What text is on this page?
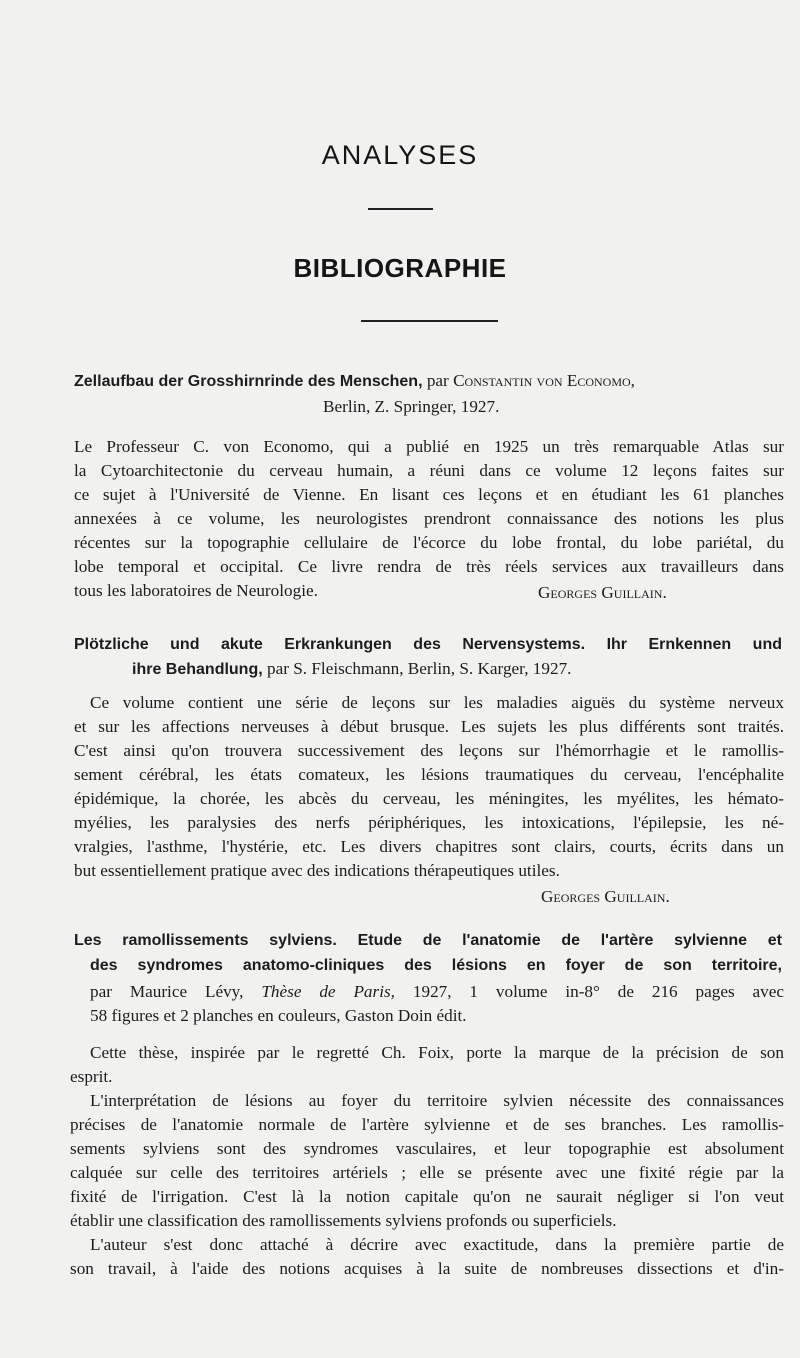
ANALYSES
BIBLIOGRAPHIE
Zellaufbau der Grosshirnrinde des Menschen, par Constantin von Economo,
Berlin, Z. Springer, 1927.
Le Professeur C. von Economo, qui a publié en 1925 un très remarquable Atlas sur
la Cytoarchitectonie du cerveau humain, a réuni dans ce volume 12 leçons faites sur
ce sujet à l'Université de Vienne. En lisant ces leçons et en étudiant les 61 planches
annexées à ce volume, les neurologistes prendront connaissance des notions les plus
récentes sur la topographie cellulaire de l'écorce du lobe frontal, du lobe pariétal, du
lobe temporal et occipital. Ce livre rendra de très réels services aux travailleurs dans
tous les laboratoires de Neurologie.	Georges Guillain.
Plötzliche und akute Erkrankungen des Nervensystems. Ihr Ernkennen und
ihre Behandlung, par S. Fleischmann, Berlin, S. Karger, 1927.
Ce volume contient une série de leçons sur les maladies aiguës du système nerveux
et sur les affections nerveuses à début brusque. Les sujets les plus différents sont traités.
C'est ainsi qu'on trouvera successivement des leçons sur l'hémorrhagie et le ramollis-
sement cérébral, les états comateux, les lésions traumatiques du cerveau, l'encéphalite
épidémique, la chorée, les abcès du cerveau, les méningites, les myélites, les hémato-
myélies, les paralysies des nerfs périphériques, les intoxications, l'épilepsie, les né-
vralgies, l'asthme, l'hystérie, etc. Les divers chapitres sont clairs, courts, écrits dans un
but essentiellement pratique avec des indications thérapeutiques utiles.
Georges Guillain.
Les ramollissements sylviens. Etude de l'anatomie de l'artère sylvienne et
des syndromes anatomo-cliniques des lésions en foyer de son territoire,
par Maurice Lévy, Thèse de Paris, 1927, 1 volume in-8° de 216 pages avec
58 figures et 2 planches en couleurs, Gaston Doin édit.
Cette thèse, inspirée par le regretté Ch. Foix, porte la marque de la précision de son
esprit.
L'interprétation de lésions au foyer du territoire sylvien nécessite des connaissances
précises de l'anatomie normale de l'artère sylvienne et de ses branches. Les ramollis-
sements sylviens sont des syndromes vasculaires, et leur topographie est absolument
calquée sur celle des territoires artériels ; elle se présente avec une fixité régie par la
fixité de l'irrigation. C'est là la notion capitale qu'on ne saurait négliger si l'on veut
établir une classification des ramollissements sylviens profonds ou superficiels.
L'auteur s'est donc attaché à décrire avec exactitude, dans la première partie de
son travail, à l'aide des notions acquises à la suite de nombreuses dissections et d'in-
